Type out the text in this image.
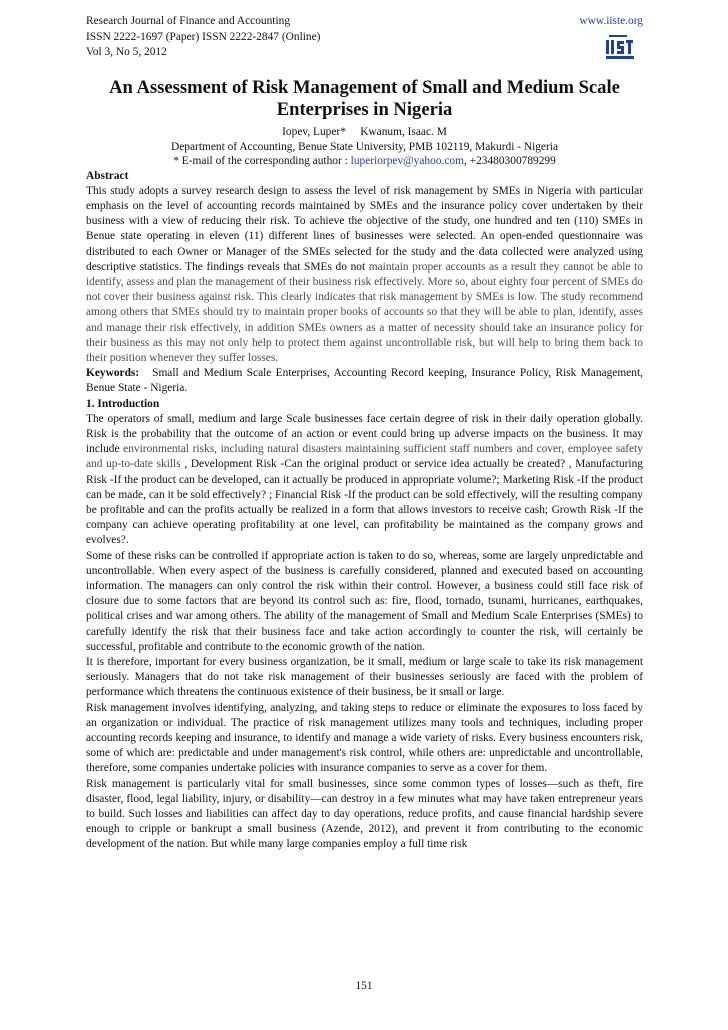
Research Journal of Finance and Accounting
ISSN 2222-1697 (Paper) ISSN 2222-2847 (Online)
Vol 3, No 5, 2012
www.iiste.org
An Assessment of Risk Management of Small and Medium Scale
Enterprises in Nigeria
Iopev, Luper* Kwanum, Isaac. M
Department of Accounting, Benue State University, PMB 102119, Makurdi - Nigeria
* E-mail of the corresponding author : luperiorpev@yahoo.com, +23480300789299

Abstract

This study adopts a survey research design to assess the level of risk management by SMEs in Nigeria with particular emphasis on the level of accounting records maintained by SMEs and the insurance policy cover undertaken by their business with a view of reducing their risk. To achieve the objective of the study, one hundred and ten (110) SMEs in Benue state operating in eleven (11) different lines of businesses were selected. An open-ended questionnaire was distributed to each Owner or Manager of the SMEs selected for the study and the data collected were analyzed using descriptive statistics. The findings reveals that SMEs do not maintain proper accounts as a result they cannot be able to identify, assess and plan the management of their business risk effectively. More so, about eighty four percent of SMEs do not cover their business against risk. This clearly indicates that risk management by SMEs is low. The study recommend among others that SMEs should try to maintain proper books of accounts so that they will be able to plan, identify, asses and manage their risk effectively, in addition SMEs owners as a matter of necessity should take an insurance policy for their business as this may not only help to protect them against uncontrollable risk, but will help to bring them back to their position whenever they suffer losses.

Keywords: Small and Medium Scale Enterprises, Accounting Record keeping, Insurance Policy, Risk Management, Benue State - Nigeria.

1. Introduction

The operators of small, medium and large Scale businesses face certain degree of risk in their daily operation globally. Risk is the probability that the outcome of an action or event could bring up adverse impacts on the business. It may include environmental risks, including natural disasters maintaining sufficient staff numbers and cover, employee safety and up-to-date skills , Development Risk -Can the original product or service idea actually be created? , Manufacturing Risk -If the product can be developed, can it actually be produced in appropriate volume?; Marketing Risk -If the product can be made, can it be sold effectively? ; Financial Risk -If the product can be sold effectively, will the resulting company be profitable and can the profits actually be realized in a form that allows investors to receive cash; Growth Risk -If the company can achieve operating profitability at one level, can profitability be maintained as the company grows and evolves?.

Some of these risks can be controlled if appropriate action is taken to do so, whereas, some are largely unpredictable and uncontrollable. When every aspect of the business is carefully considered, planned and executed based on accounting information. The managers can only control the risk within their control. However, a business could still face risk of closure due to some factors that are beyond its control such as: fire, flood, tornado, tsunami, hurricanes, earthquakes, political crises and war among others. The ability of the management of Small and Medium Scale Enterprises (SMEs) to carefully identify the risk that their business face and take action accordingly to counter the risk, will certainly be successful, profitable and contribute to the economic growth of the nation.

It is therefore, important for every business organization, be it small, medium or large scale to take its risk management seriously. Managers that do not take risk management of their businesses seriously are faced with the problem of performance which threatens the continuous existence of their business, be it small or large.

Risk management involves identifying, analyzing, and taking steps to reduce or eliminate the exposures to loss faced by an organization or individual. The practice of risk management utilizes many tools and techniques, including proper accounting records keeping and insurance, to identify and manage a wide variety of risks. Every business encounters risk, some of which are: predictable and under management's risk control, while others are: unpredictable and uncontrollable, therefore, some companies undertake policies with insurance companies to serve as a cover for them.

Risk management is particularly vital for small businesses, since some common types of losses—such as theft, fire disaster, flood, legal liability, injury, or disability—can destroy in a few minutes what may have taken entrepreneur years to build. Such losses and liabilities can affect day to day operations, reduce profits, and cause financial hardship severe enough to cripple or bankrupt a small business (Azende, 2012), and prevent it from contributing to the economic development of the nation. But while many large companies employ a full time risk

151
